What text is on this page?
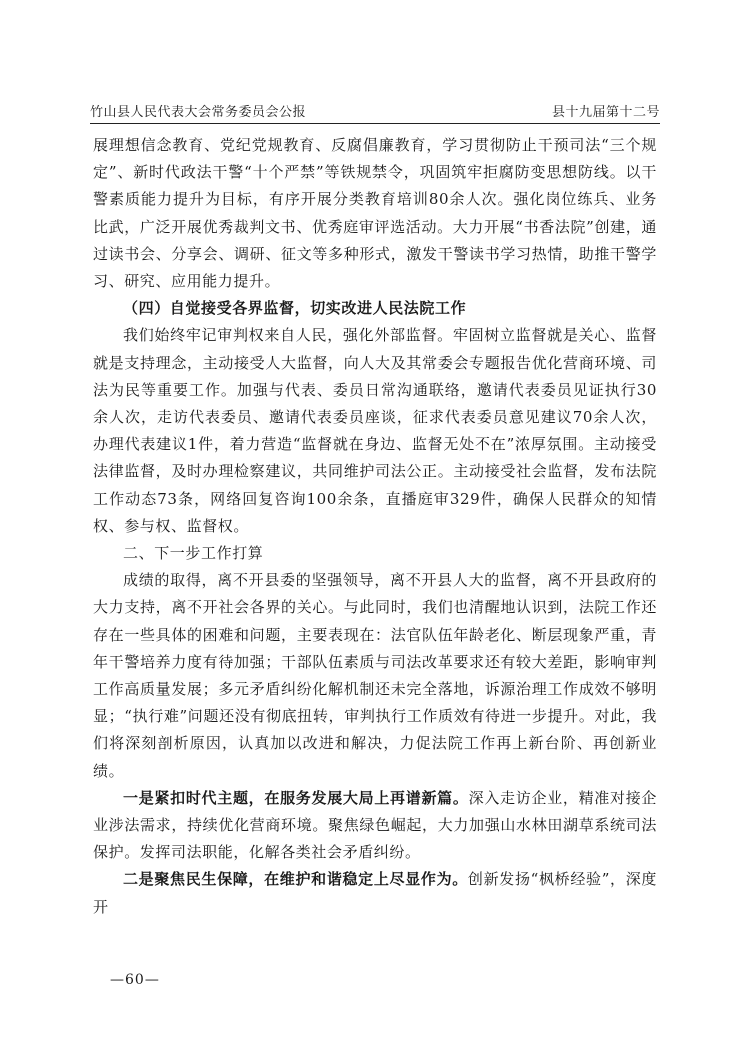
竹山县人民代表大会常务委员会公报	县十九届第十二号

展理想信念教育、党纪党规教育、反腐倡廉教育，学习贯彻防止干预司法“三个规定”、新时代政法干警“十个严禁”等铁规禁令，巩固筑牢拒腐防变思想防线。以干警素质能力提升为目标，有序开展分类教育培训80余人次。强化岗位练兵、业务比武，广泛开展优秀裁判文书、优秀庭审评选活动。大力开展“书香法院”创建，通过读书会、分享会、调研、征文等多种形式，激发干警读书学习热情，助推干警学习、研究、应用能力提升。

（四）自觉接受各界监督，切实改进人民法院工作

我们始终牢记审判权来自人民，强化外部监督。牢固树立监督就是关心、监督就是支持理念，主动接受人大监督，向人大及其常委会专题报告优化营商环境、司法为民等重要工作。加强与代表、委员日常沟通联络，邀请代表委员见证执行30余人次，走访代表委员、邀请代表委员座谈，征求代表委员意见建议70余人次，办理代表建议1件，着力营造“监督就在身边、监督无处不在”浓厚氛围。主动接受法律监督，及时办理检察建议，共同维护司法公正。主动接受社会监督，发布法院工作动态73条，网络回复咨询100余条，直播庭审329件，确保人民群众的知情权、参与权、监督权。

二、下一步工作打算

成绩的取得，离不开县委的坚强领导，离不开县人大的监督，离不开县政府的大力支持，离不开社会各界的关心。与此同时，我们也清醒地认识到，法院工作还存在一些具体的困难和问题，主要表现在：法官队伍年龄老化、断层现象严重，青年干警培养力度有待加强；干部队伍素质与司法改革要求还有较大差距，影响审判工作高质量发展；多元矛盾纠纷化解机制还未完全落地，诉源治理工作成效不够明显；“执行难”问题还没有彻底扭转，审判执行工作质效有待进一步提升。对此，我们将深刻剖析原因，认真加以改进和解决，力促法院工作再上新台阶、再创新业绩。

一是紧扣时代主题，在服务发展大局上再谱新篇。深入走访企业，精准对接企业涉法需求，持续优化营商环境。聚焦绿色崛起，大力加强山水林田湖草系统司法保护。发挥司法职能，化解各类社会矛盾纠纷。

二是聚焦民生保障，在维护和谐稳定上尽显作为。创新发扬“枫桥经验”，深度开

—60—
